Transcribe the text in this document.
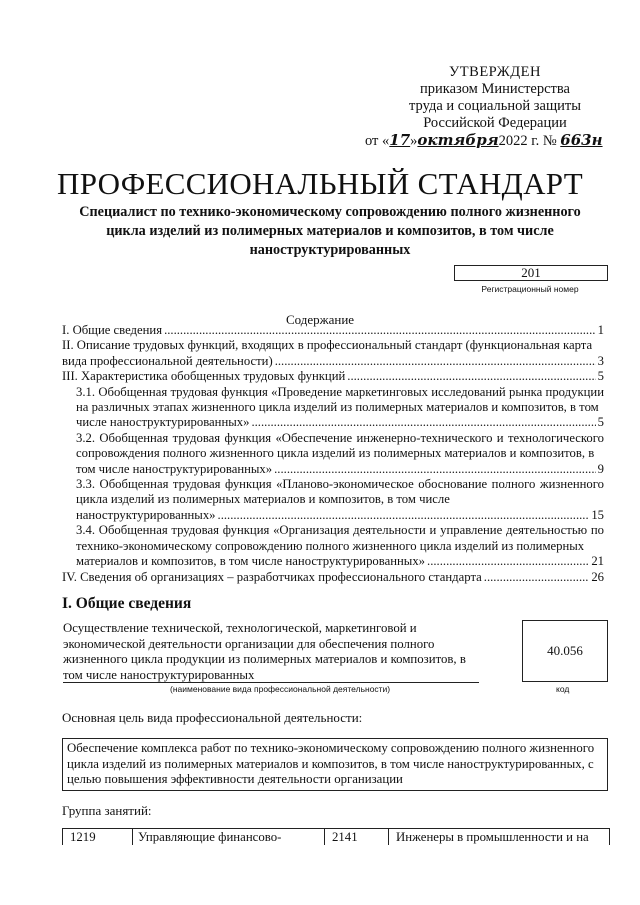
УТВЕРЖДЕН
приказом Министерства
труда и социальной защиты
Российской Федерации
от «17»октября2022 г. № 663н
ПРОФЕССИОНАЛЬНЫЙ СТАНДАРТ
Специалист по технико-экономическому сопровождению полного жизненного цикла изделий из полимерных материалов и композитов, в том числе наноструктурированных
201
Регистрационный номер
Содержание
I. Общие сведения .....	1
II. Описание трудовых функций, входящих в профессиональный стандарт (функциональная карта
вида профессиональной деятельности) .....	3
III. Характеристика обобщенных трудовых функций .....	5
3.1. Обобщенная трудовая функция «Проведение маркетинговых исследований рынка продукции на различных этапах жизненного цикла изделий из полимерных материалов и композитов, в том
числе наноструктурированных» .....	5
3.2. Обобщенная трудовая функция «Обеспечение инженерно-технического и технологического сопровождения полного жизненного цикла изделий из полимерных материалов и композитов, в
том числе наноструктурированных» .....	9
3.3. Обобщенная трудовая функция «Планово-экономическое обоснование полного жизненного цикла изделий из полимерных материалов и композитов, в том числе
наноструктурированных» .....	15
3.4. Обобщенная трудовая функция «Организация деятельности и управление деятельностью по технико-экономическому сопровождению полного жизненного цикла изделий из полимерных
материалов и композитов, в том числе наноструктурированных» .....	21
IV. Сведения об организациях – разработчиках профессионального стандарта .....	26
I. Общие сведения
Осуществление технической, технологической, маркетинговой и экономической деятельности организации для обеспечения полного жизненного цикла продукции из полимерных материалов и композитов, в том числе наноструктурированных
(наименование вида профессиональной деятельности)
40.056
код
Основная цель вида профессиональной деятельности:
Обеспечение комплекса работ по технико-экономическому сопровождению полного жизненного цикла изделий из полимерных материалов и композитов, в том числе наноструктурированных, с целью повышения эффективности деятельности организации
Группа занятий:
1219	Управляющие финансово-	2141	Инженеры в промышленности и на
